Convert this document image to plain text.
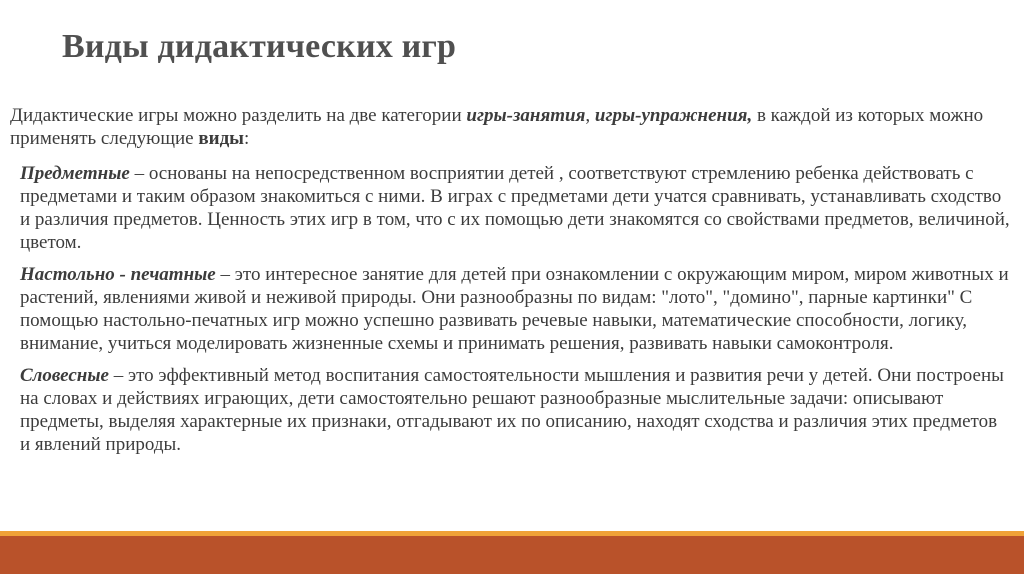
Виды дидактических игр

Дидактические игры можно разделить на две категории игры-занятия, игры-упражнения, в каждой из которых можно применять следующие виды:

Предметные – основаны на непосредственном восприятии детей , соответствуют стремлению ребенка действовать с предметами и таким образом знакомиться с ними. В играх с предметами дети учатся сравнивать, устанавливать сходство и различия предметов. Ценность этих игр в том, что с их помощью дети знакомятся со свойствами предметов, величиной, цветом.

Настольно - печатные – это интересное занятие для детей при ознакомлении с окружающим миром, миром животных и растений, явлениями живой и неживой природы. Они разнообразны по видам: "лото", "домино", парные картинки" С помощью настольно-печатных игр можно успешно развивать речевые навыки, математические способности, логику, внимание, учиться моделировать жизненные схемы и принимать решения, развивать навыки самоконтроля.

Словесные – это эффективный метод воспитания самостоятельности мышления и развития речи у детей. Они построены на словах и действиях играющих, дети самостоятельно решают разнообразные мыслительные задачи: описывают предметы, выделяя характерные их признаки, отгадывают их по описанию, находят сходства и различия этих предметов и явлений природы.
